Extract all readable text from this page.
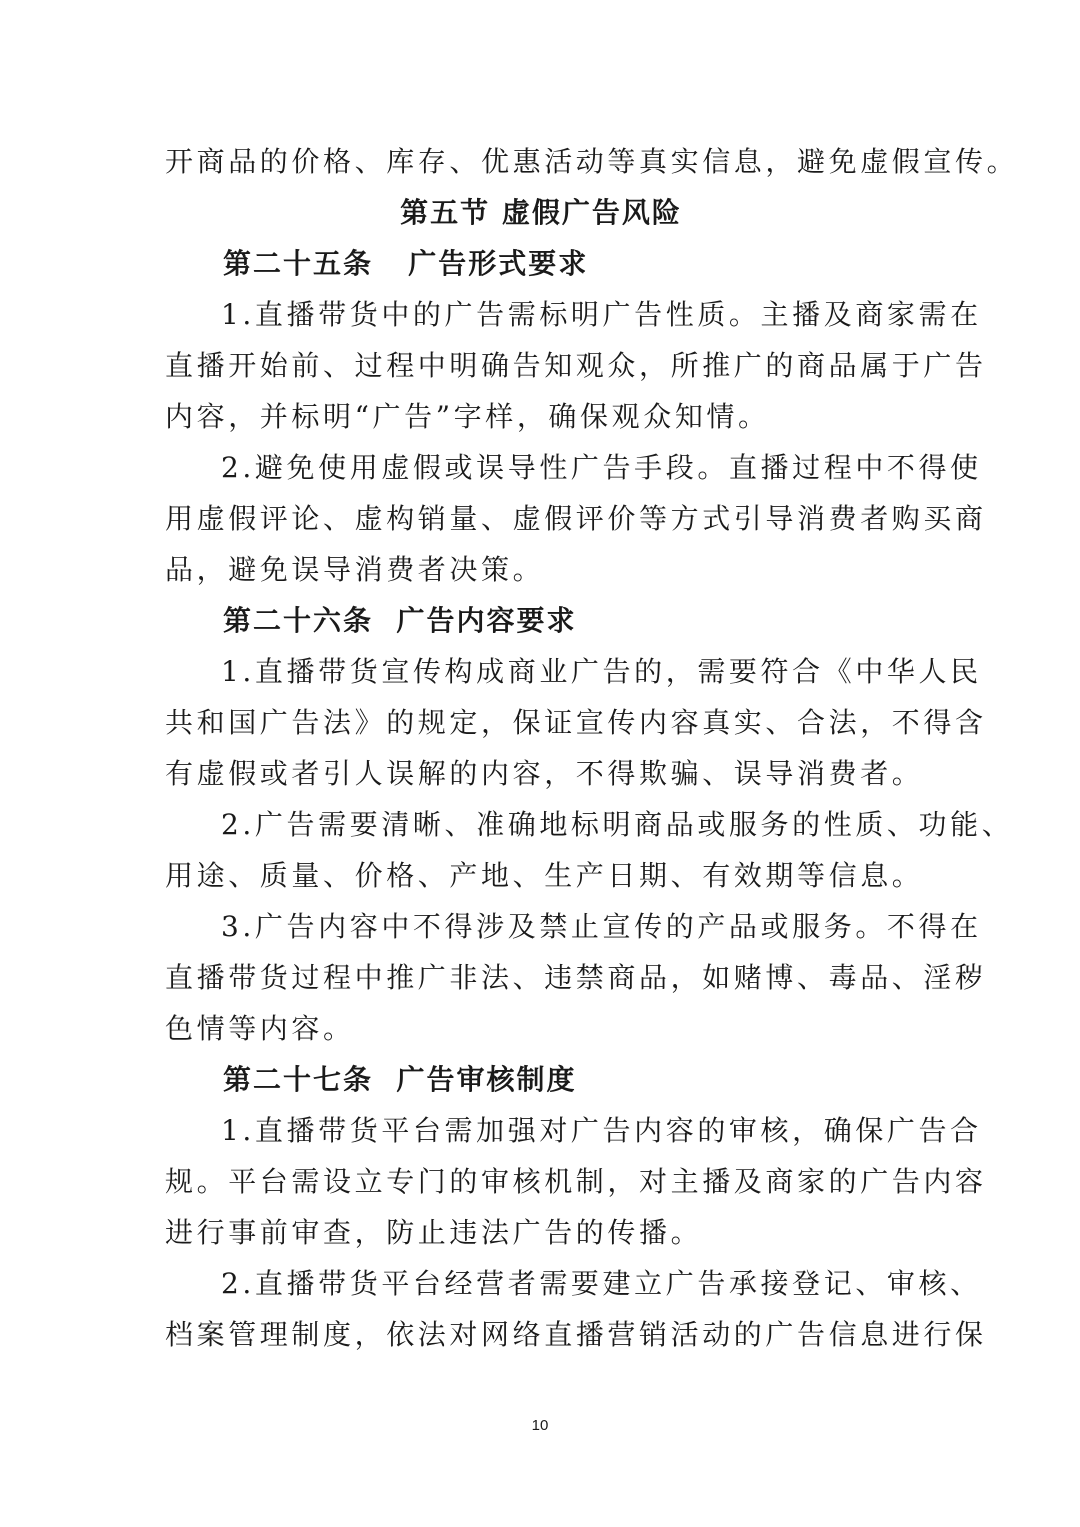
开商品的价格、库存、优惠活动等真实信息，避免虚假宣传。
第五节 虚假广告风险
第二十五条   广告形式要求
1.直播带货中的广告需标明广告性质。主播及商家需在
直播开始前、过程中明确告知观众，所推广的商品属于广告
内容，并标明“广告”字样，确保观众知情。
2.避免使用虚假或误导性广告手段。直播过程中不得使
用虚假评论、虚构销量、虚假评价等方式引导消费者购买商
品，避免误导消费者决策。
第二十六条  广告内容要求
1.直播带货宣传构成商业广告的，需要符合《中华人民
共和国广告法》的规定，保证宣传内容真实、合法，不得含
有虚假或者引人误解的内容，不得欺骗、误导消费者。
2.广告需要清晰、准确地标明商品或服务的性质、功能、
用途、质量、价格、产地、生产日期、有效期等信息。
3.广告内容中不得涉及禁止宣传的产品或服务。不得在
直播带货过程中推广非法、违禁商品，如赌博、毒品、淫秽
色情等内容。
第二十七条  广告审核制度
1.直播带货平台需加强对广告内容的审核，确保广告合
规。平台需设立专门的审核机制，对主播及商家的广告内容
进行事前审查，防止违法广告的传播。
2.直播带货平台经营者需要建立广告承接登记、审核、
档案管理制度，依法对网络直播营销活动的广告信息进行保
10
